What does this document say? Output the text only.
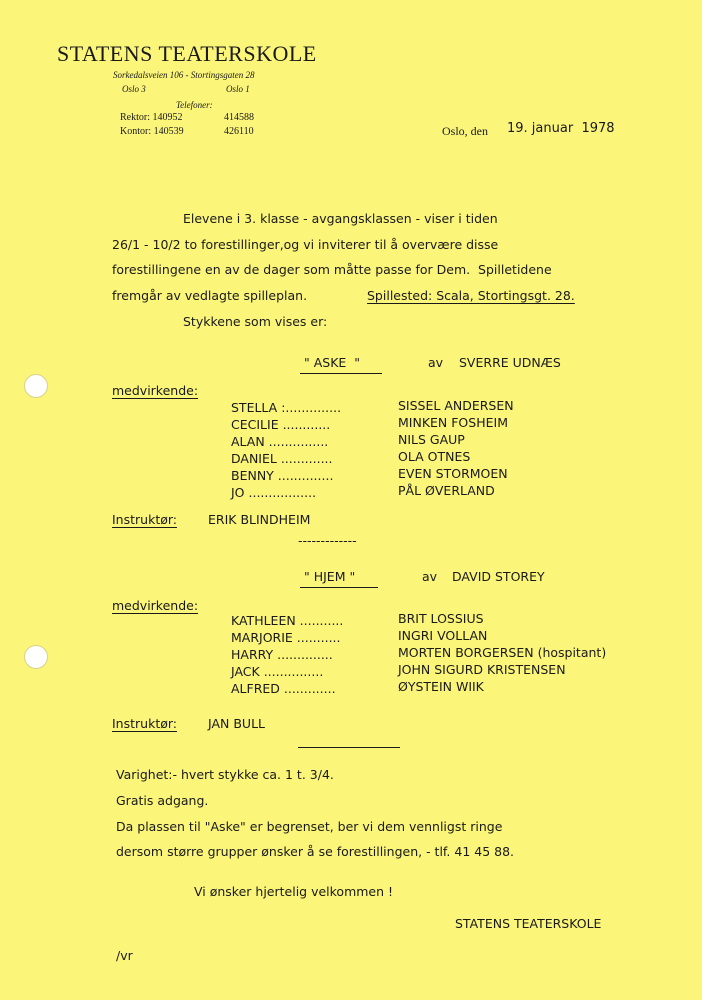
STATENS TEATERSKOLE
Sorkedalsveien 106 - Stortingsgaten 28
Oslo 3	Oslo 1
Telefoner:
Rektor: 140952	414588
Kontor: 140539	426110	Oslo, den 19. januar  1978
Elevene i 3. klasse - avgangsklassen - viser i tiden
26/1 - 10/2 to forestillinger,og vi inviterer til å overvære disse
forestillingene en av de dager som måtte passe for Dem.  Spilletidene
fremgår av vedlagte spilleplan.	Spillested: Scala, Stortingsgt. 28.
Stykkene som vises er:
" ASKE  "	av SVERRE UDNÆS
medvirkende:
STELLA :..............	SISSEL ANDERSEN
CECILIE ............	MINKEN FOSHEIM
ALAN ...............	NILS GAUP
DANIEL .............	OLA OTNES
BENNY ..............	EVEN STORMOEN
JO .................	PÅL ØVERLAND
Instruktør: ERIK BLINDHEIM
-------------
" HJEM "	av DAVID STOREY
medvirkende:
KATHLEEN ...........	BRIT LOSSIUS
MARJORIE ...........	INGRI VOLLAN
HARRY ..............	MORTEN BORGERSEN (hospitant)
JACK ...............	JOHN SIGURD KRISTENSEN
ALFRED .............	ØYSTEIN WIIK
Instruktør: JAN BULL
Varighet:- hvert stykke ca. 1 t. 3/4.
Gratis adgang.
Da plassen til "Aske" er begrenset, ber vi dem vennligst ringe
dersom større grupper ønsker å se forestillingen, - tlf. 41 45 88.
Vi ønsker hjertelig velkommen !
STATENS TEATERSKOLE
/vr
